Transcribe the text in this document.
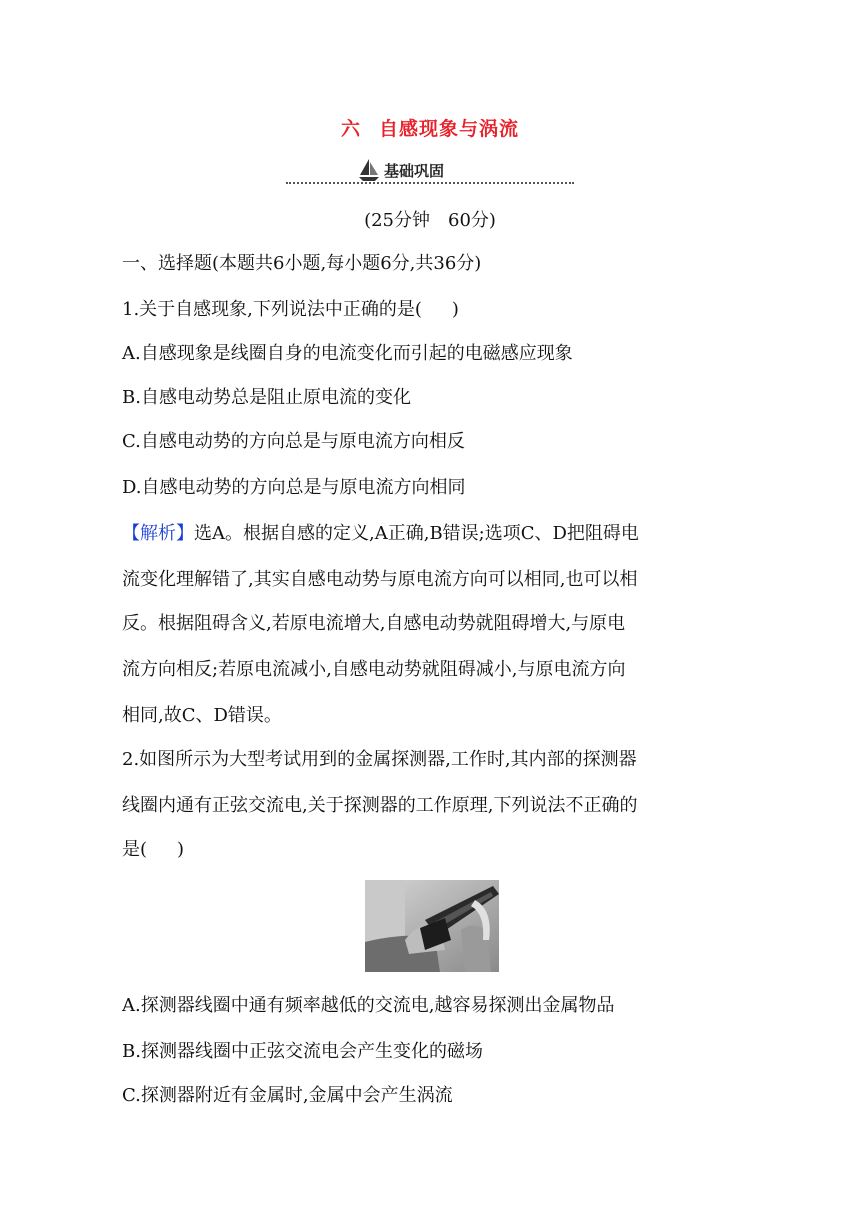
六 自感现象与涡流
基础巩固
(25分钟　60分)
一、选择题(本题共6小题,每小题6分,共36分)
1.关于自感现象,下列说法中正确的是( )
A.自感现象是线圈自身的电流变化而引起的电磁感应现象
B.自感电动势总是阻止原电流的变化
C.自感电动势的方向总是与原电流方向相反
D.自感电动势的方向总是与原电流方向相同
【解析】选A。根据自感的定义,A正确,B错误;选项C、D把阻碍电
流变化理解错了,其实自感电动势与原电流方向可以相同,也可以相
反。根据阻碍含义,若原电流增大,自感电动势就阻碍增大,与原电
流方向相反;若原电流减小,自感电动势就阻碍减小,与原电流方向
相同,故C、D错误。
2.如图所示为大型考试用到的金属探测器,工作时,其内部的探测器
线圈内通有正弦交流电,关于探测器的工作原理,下列说法不正确的
是( )
A.探测器线圈中通有频率越低的交流电,越容易探测出金属物品
B.探测器线圈中正弦交流电会产生变化的磁场
C.探测器附近有金属时,金属中会产生涡流
